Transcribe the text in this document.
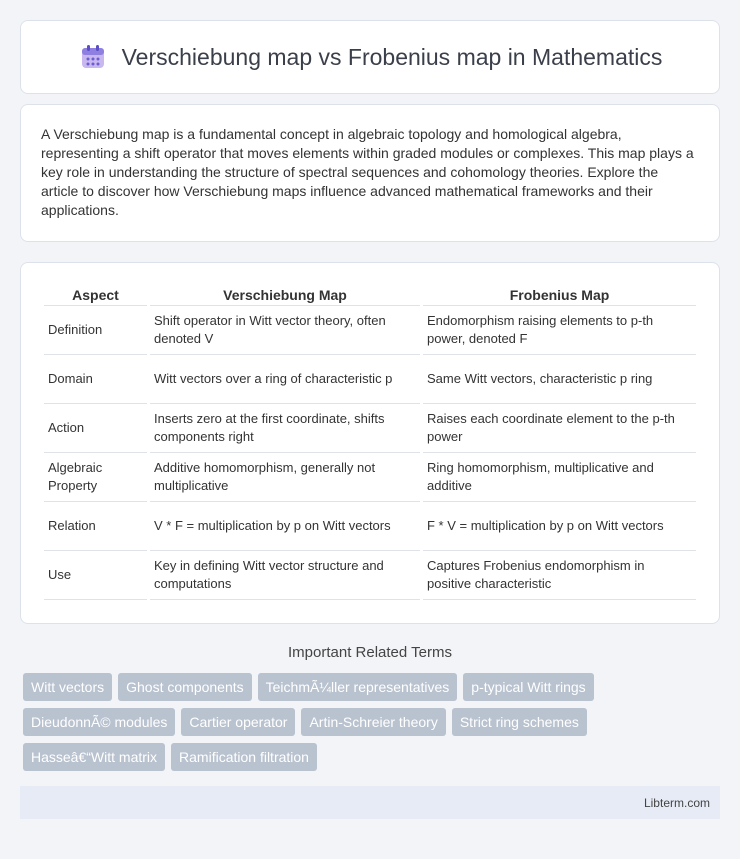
Verschiebung map vs Frobenius map in Mathematics

A Verschiebung map is a fundamental concept in algebraic topology and homological algebra, representing a shift operator that moves elements within graded modules or complexes. This map plays a key role in understanding the structure of spectral sequences and cohomology theories. Explore the article to discover how Verschiebung maps influence advanced mathematical frameworks and their applications.

Aspect	Verschiebung Map	Frobenius Map
Definition	Shift operator in Witt vector theory, often denoted V	Endomorphism raising elements to p-th power, denoted F
Domain	Witt vectors over a ring of characteristic p	Same Witt vectors, characteristic p ring
Action	Inserts zero at the first coordinate, shifts components right	Raises each coordinate element to the p-th power
Algebraic Property	Additive homomorphism, generally not multiplicative	Ring homomorphism, multiplicative and additive
Relation	V * F = multiplication by p on Witt vectors	F * V = multiplication by p on Witt vectors
Use	Key in defining Witt vector structure and computations	Captures Frobenius endomorphism in positive characteristic
Important Related Terms
Witt vectors	Ghost components	TeichmÃ¼ller representatives	p-typical Witt rings
DieudonnÃ© modules	Cartier operator	Artin-Schreier theory	Strict ring schemes
Hasseâ€“Witt matrix	Ramification filtration
Libterm.com
